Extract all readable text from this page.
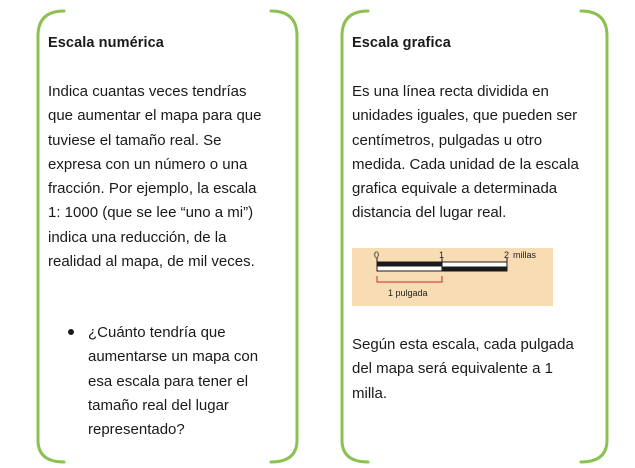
Escala numérica
Indica cuantas veces tendrías
que aumentar el mapa para que
tuviese el tamaño real. Se
expresa con un número o una
fracción. Por ejemplo, la escala
1: 1000 (que se lee “uno a mi”)
indica una reducción, de la
realidad al mapa, de mil veces.
¿Cuánto tendría que
aumentarse un mapa con
esa escala para tener el
tamaño real del lugar
representado?
Escala grafica
Es una línea recta dividida en
unidades iguales, que pueden ser
centímetros, pulgadas u otro
medida. Cada unidad de la escala
grafica equivale a determinada
distancia del lugar real.
0	1	2 millas
1 pulgada
Según esta escala, cada pulgada
del mapa será equivalente a 1
milla.
